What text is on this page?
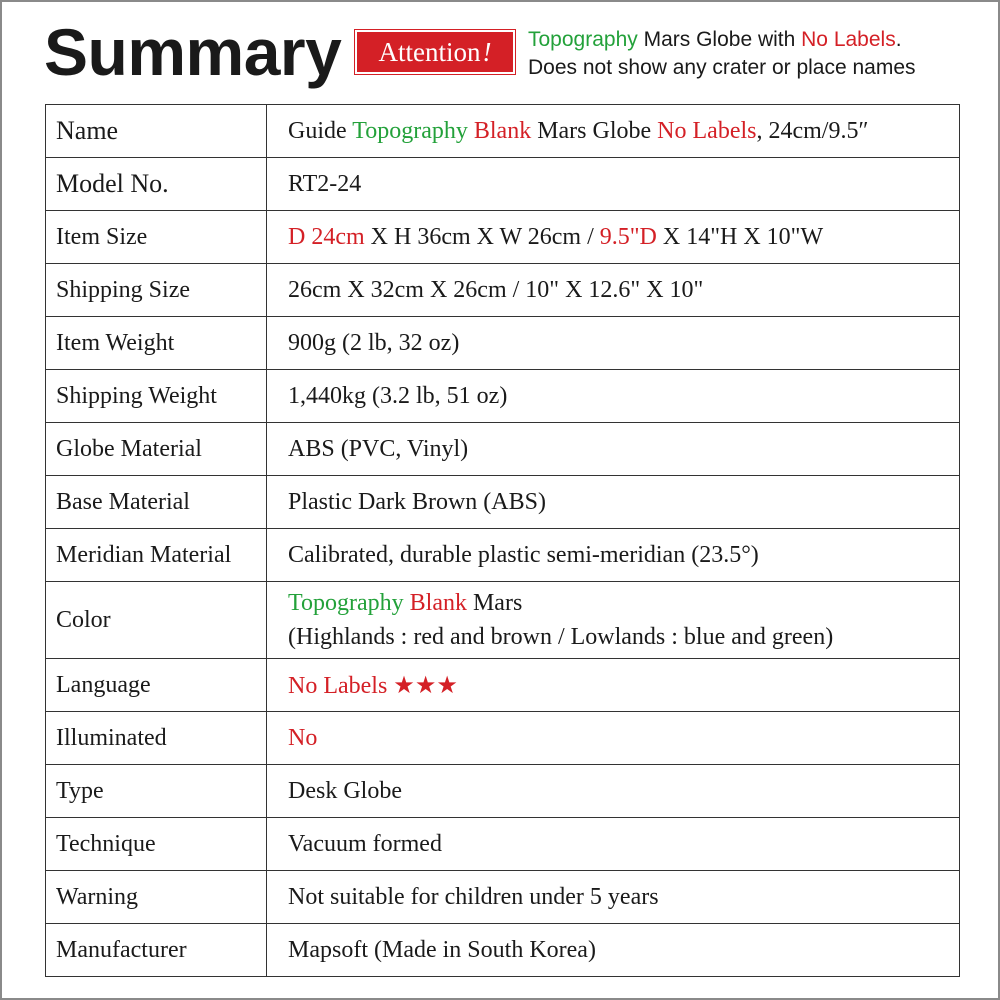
Summary Attention ! Topography Mars Globe with No Labels.
Does not show any crater or place names
Name	Guide Topography Blank Mars Globe No Labels, 24cm/9.5″
Model No.	RT2-24
Item Size	D 24cm X H 36cm X W 26cm / 9.5"D X 14"H X 10"W
Shipping Size	26cm X 32cm X 26cm / 10" X 12.6" X 10"
Item Weight	900g (2 lb, 32 oz)
Shipping Weight	1,440kg (3.2 lb, 51 oz)
Globe Material	ABS (PVC, Vinyl)
Base Material	Plastic Dark Brown (ABS)
Meridian Material	Calibrated, durable plastic semi-meridian (23.5°)
Color	Topography Blank Mars
(Highlands : red and brown / Lowlands : blue and green)

Language	No Labels ★★★
Illuminated	No
Type	Desk Globe
Technique	Vacuum formed
Warning	Not suitable for children under 5 years
Manufacturer	Mapsoft (Made in South Korea)
